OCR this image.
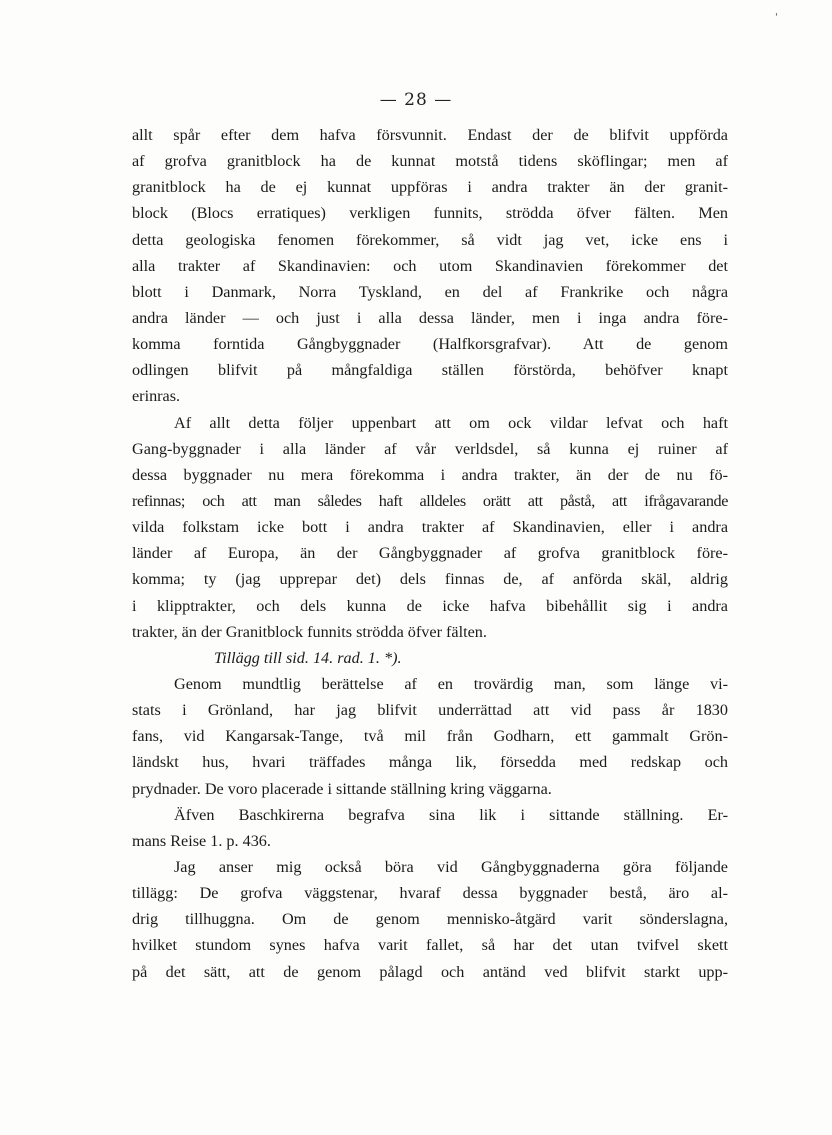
— 28 —
allt spår efter dem hafva försvunnit. Endast der de blifvit uppförda
af grofva granitblock ha de kunnat motstå tidens sköflingar; men af
granitblock ha de ej kunnat uppföras i andra trakter än der granit-
block (Blocs erratiques) verkligen funnits, strödda öfver fälten. Men
detta geologiska fenomen förekommer, så vidt jag vet, icke ens i
alla trakter af Skandinavien: och utom Skandinavien förekommer det
blott i Danmark, Norra Tyskland, en del af Frankrike och några
andra länder — och just i alla dessa länder, men i inga andra före-
komma forntida Gångbyggnader (Halfkorsgrafvar). Att de genom
odlingen blifvit på mångfaldiga ställen förstörda, behöfver knapt
erinras.
Af allt detta följer uppenbart att om ock vildar lefvat och haft
Gang-byggnader i alla länder af vår verldsdel, så kunna ej ruiner af
dessa byggnader nu mera förekomma i andra trakter, än der de nu fö-
refinnas; och att man således haft alldeles orätt att påstå, att ifrågavarande
vilda folkstam icke bott i andra trakter af Skandinavien, eller i andra
länder af Europa, än der Gångbyggnader af grofva granitblock före-
komma; ty (jag upprepar det) dels finnas de, af anförda skäl, aldrig
i klipptrakter, och dels kunna de icke hafva bibehållit sig i andra
trakter, än der Granitblock funnits strödda öfver fälten.
Tillägg till sid. 14. rad. 1. *).
Genom mundtlig berättelse af en trovärdig man, som länge vi-
stats i Grönland, har jag blifvit underrättad att vid pass år 1830
fans, vid Kangarsak-Tange, två mil från Godharn, ett gammalt Grön-
ländskt hus, hvari träffades många lik, försedda med redskap och
prydnader. De voro placerade i sittande ställning kring väggarna.
Äfven Baschkirerna begrafva sina lik i sittande ställning. Er-
mans Reise 1. p. 436.
Jag anser mig också böra vid Gångbyggnaderna göra följande
tillägg: De grofva väggstenar, hvaraf dessa byggnader bestå, äro al-
drig tillhuggna. Om de genom mennisko-åtgärd varit sönderslagna,
hvilket stundom synes hafva varit fallet, så har det utan tvifvel skett
på det sätt, att de genom pålagd och antänd ved blifvit starkt upp-
'
